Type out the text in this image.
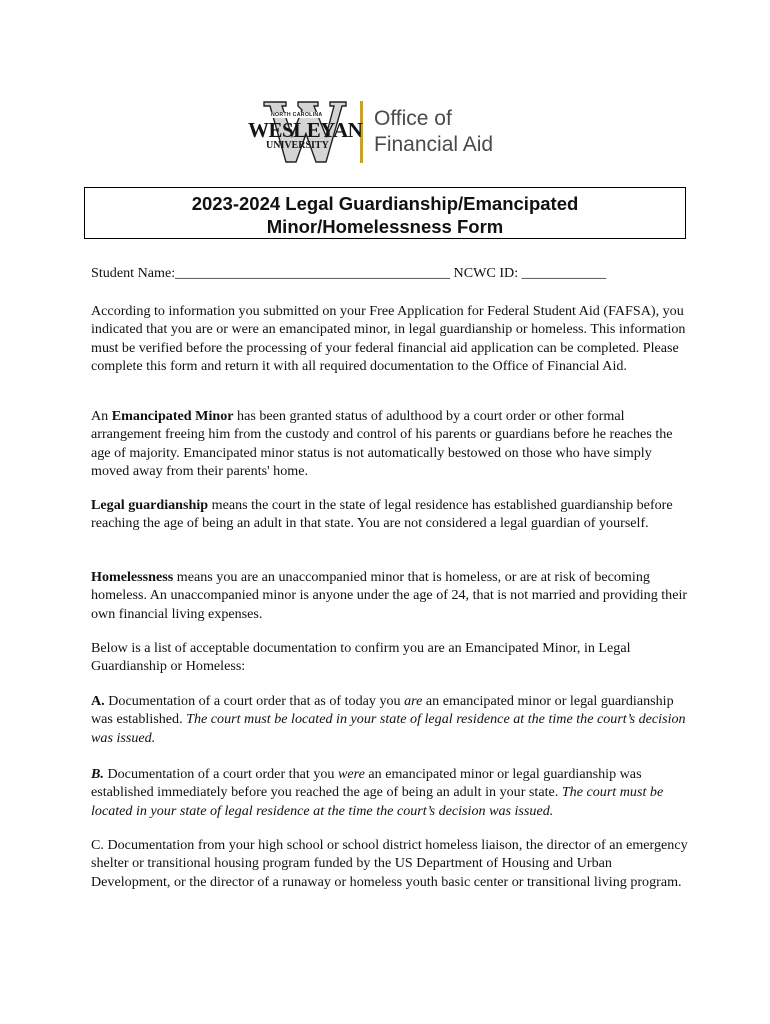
NORTH CAROLINA
WESLEYAN
UNIVERSITY
Office of
Financial Aid
2023-2024 Legal Guardianship/Emancipated
Minor/Homelessness Form

Student Name:_______________________________________ NCWC ID: ____________

According to information you submitted on your Free Application for Federal Student Aid (FAFSA), you indicated that you are or were an emancipated minor, in legal guardianship or homeless. This information must be verified before the processing of your federal financial aid application can be completed. Please complete this form and return it with all required documentation to the Office of Financial Aid.

An Emancipated Minor has been granted status of adulthood by a court order or other formal arrangement freeing him from the custody and control of his parents or guardians before he reaches the age of majority. Emancipated minor status is not automatically bestowed on those who have simply moved away from their parents' home.

Legal guardianship means the court in the state of legal residence has established guardianship before reaching the age of being an adult in that state. You are not considered a legal guardian of yourself.

Homelessness means you are an unaccompanied minor that is homeless, or are at risk of becoming homeless. An unaccompanied minor is anyone under the age of 24, that is not married and providing their own financial living expenses.

Below is a list of acceptable documentation to confirm you are an Emancipated Minor, in Legal Guardianship or Homeless:

A. Documentation of a court order that as of today you are an emancipated minor or legal guardianship was established. The court must be located in your state of legal residence at the time the court’s decision was issued.

B. Documentation of a court order that you were an emancipated minor or legal guardianship was established immediately before you reached the age of being an adult in your state. The court must be located in your state of legal residence at the time the court’s decision was issued.

C. Documentation from your high school or school district homeless liaison, the director of an emergency shelter or transitional housing program funded by the US Department of Housing and Urban Development, or the director of a runaway or homeless youth basic center or transitional living program.
